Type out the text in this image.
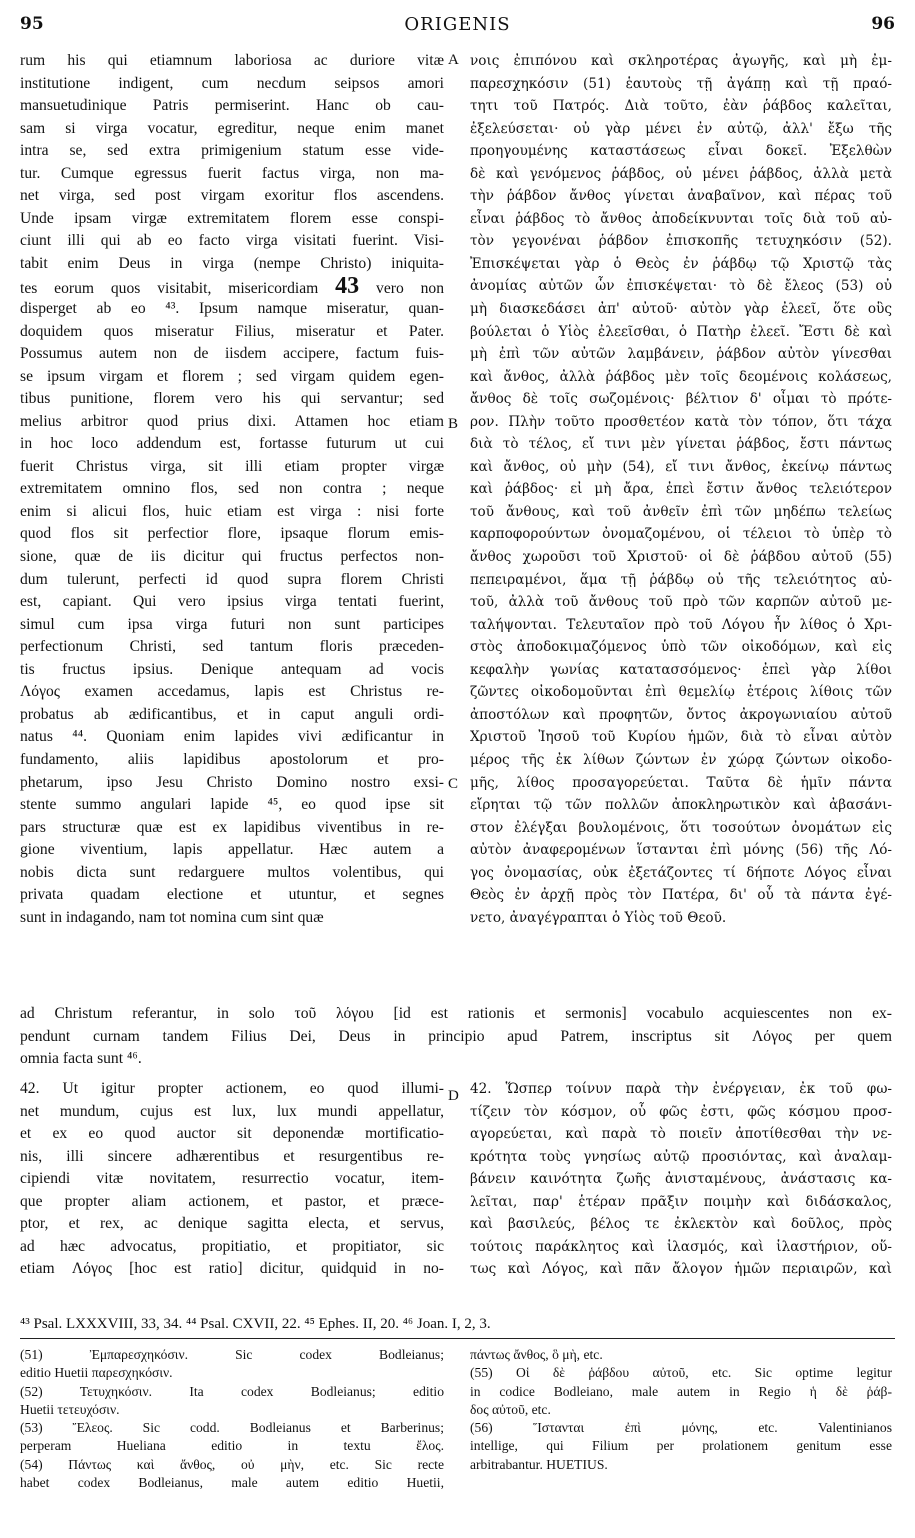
95	ORIGENIS	96
A
B
C
D
rum his qui etiamnum laboriosa ac duriore vitæ
institutione indigent, cum necdum seipsos amori
mansuetudinique Patris permiserint. Hanc ob cau-
sam si virga vocatur, egreditur, neque enim manet
intra se, sed extra primigenium statum esse vide-
tur. Cumque egressus fuerit factus virga, non ma-
net virga, sed post virgam exoritur flos ascendens.
Unde ipsam virgæ extremitatem florem esse conspi-
ciunt illi qui ab eo facto virga visitati fuerint. Visi-
tabit enim Deus in virga (nempe Christo) iniquita-
tes eorum quos visitabit, misericordiam 43 vero non
disperget ab eo ⁴³. Ipsum namque miseratur, quan-
doquidem quos miseratur Filius, miseratur et Pater.
Possumus autem non de iisdem accipere, factum fuis-
se ipsum virgam et florem ; sed virgam quidem egen-
tibus punitione, florem vero his qui servantur; sed
melius arbitror quod prius dixi. Attamen hoc etiam
in hoc loco addendum est, fortasse futurum ut cui
fuerit Christus virga, sit illi etiam propter virgæ
extremitatem omnino flos, sed non contra ; neque
enim si alicui flos, huic etiam est virga : nisi forte
quod flos sit perfectior flore, ipsaque florum emis-
sione, quæ de iis dicitur qui fructus perfectos non-
dum tulerunt, perfecti id quod supra florem Christi
est, capiant. Qui vero ipsius virga tentati fuerint,
simul cum ipsa virga futuri non sunt participes
perfectionum Christi, sed tantum floris præceden-
tis fructus ipsius. Denique antequam ad vocis
Λόγος examen accedamus, lapis est Christus re-
probatus ab ædificantibus, et in caput anguli ordi-
natus ⁴⁴. Quoniam enim lapides vivi ædificantur in
fundamento, aliis lapidibus apostolorum et pro-
phetarum, ipso Jesu Christo Domino nostro exsi-
stente summo angulari lapide ⁴⁵, eo quod ipse sit
pars structuræ quæ est ex lapidibus viventibus in re-
gione viventium, lapis appellatur. Hæc autem a
nobis dicta sunt redarguere multos volentibus, qui
privata quadam electione et utuntur, et segnes
sunt in indagando, nam tot nomina cum sint quæ
νοις ἐπιπόνου καὶ σκληροτέρας ἀγωγῆς, καὶ μὴ ἐμ-
παρεσχηκόσιν (51) ἑαυτοὺς τῇ ἀγάπῃ καὶ τῇ πραό-
τητι τοῦ Πατρός. Διὰ τοῦτο, ἐὰν ῥάβδος καλεῖται,
ἐξελεύσεται· οὐ γὰρ μένει ἐν αὐτῷ, ἀλλ' ἔξω τῆς
προηγουμένης καταστάσεως εἶναι δοκεῖ. Ἐξελθὼν
δὲ καὶ γενόμενος ῥάβδος, οὐ μένει ῥάβδος, ἀλλὰ μετὰ
τὴν ῥάβδον ἄνθος γίνεται ἀναβαῖνον, καὶ πέρας τοῦ
εἶναι ῥάβδος τὸ ἄνθος ἀποδείκνυνται τοῖς διὰ τοῦ αὐ-
τὸν γεγονέναι ῥάβδον ἐπισκοπῆς τετυχηκόσιν (52).
Ἐπισκέψεται γὰρ ὁ Θεὸς ἐν ῥάβδῳ τῷ Χριστῷ τὰς
ἀνομίας αὐτῶν ὧν ἐπισκέψεται· τὸ δὲ ἔλεος (53) οὐ
μὴ διασκεδάσει ἀπ' αὐτοῦ· αὐτὸν γὰρ ἐλεεῖ, ὅτε οὓς
βούλεται ὁ Υἱὸς ἐλεεῖσθαι, ὁ Πατὴρ ἐλεεῖ. Ἔστι δὲ καὶ
μὴ ἐπὶ τῶν αὐτῶν λαμβάνειν, ῥάβδον αὐτὸν γίνεσθαι
καὶ ἄνθος, ἀλλὰ ῥάβδος μὲν τοῖς δεομένοις κολάσεως,
ἄνθος δὲ τοῖς σωζομένοις· βέλτιον δ' οἶμαι τὸ πρότε-
ρον. Πλὴν τοῦτο προσθετέον κατὰ τὸν τόπον, ὅτι τάχα
διὰ τὸ τέλος, εἴ τινι μὲν γίνεται ῥάβδος, ἔστι πάντως
καὶ ἄνθος, οὐ μὴν (54), εἴ τινι ἄνθος, ἐκείνῳ πάντως
καὶ ῥάβδος· εἰ μὴ ἄρα, ἐπεὶ ἔστιν ἄνθος τελειότερον
τοῦ ἄνθους, καὶ τοῦ ἀνθεῖν ἐπὶ τῶν μηδέπω τελείως
καρποφορούντων ὀνομαζομένου, οἱ τέλειοι τὸ ὑπὲρ τὸ
ἄνθος χωροῦσι τοῦ Χριστοῦ· οἱ δὲ ῥάβδου αὐτοῦ (55)
πεπειραμένοι, ἅμα τῇ ῥάβδῳ οὐ τῆς τελειότητος αὐ-
τοῦ, ἀλλὰ τοῦ ἄνθους τοῦ πρὸ τῶν καρπῶν αὐτοῦ με-
ταλήψονται. Τελευταῖον πρὸ τοῦ Λόγου ἦν λίθος ὁ Χρι-
στὸς ἀποδοκιμαζόμενος ὑπὸ τῶν οἰκοδόμων, καὶ εἰς
κεφαλὴν γωνίας κατατασσόμενος· ἐπεὶ γὰρ λίθοι
ζῶντες οἰκοδομοῦνται ἐπὶ θεμελίῳ ἑτέροις λίθοις τῶν
ἀποστόλων καὶ προφητῶν, ὄντος ἀκρογωνιαίου αὐτοῦ
Χριστοῦ Ἰησοῦ τοῦ Κυρίου ἡμῶν, διὰ τὸ εἶναι αὐτὸν
μέρος τῆς ἐκ λίθων ζώντων ἐν χώρᾳ ζώντων οἰκοδο-
μῆς, λίθος προσαγορεύεται. Ταῦτα δὲ ἡμῖν πάντα
εἴρηται τῷ τῶν πολλῶν ἀποκληρωτικὸν καὶ ἀβασάνι-
στον ἐλέγξαι βουλομένοις, ὅτι τοσούτων ὀνομάτων εἰς
αὐτὸν ἀναφερομένων ἵστανται ἐπὶ μόνης (56) τῆς Λό-
γος ὀνομασίας, οὐκ ἐξετάζοντες τί δήποτε Λόγος εἶναι
Θεὸς ἐν ἀρχῇ πρὸς τὸν Πατέρα, δι' οὗ τὰ πάντα ἐγέ-
νετο, ἀναγέγραπται ὁ Υἱὸς τοῦ Θεοῦ.
ad Christum referantur, in solo τοῦ λόγου [id est rationis et sermonis] vocabulo acquiescentes non ex-
pendunt curnam tandem Filius Dei, Deus in principio apud Patrem, inscriptus sit Λόγος per quem
omnia facta sunt ⁴⁶.
42. Ut igitur propter actionem, eo quod illumi-
net mundum, cujus est lux, lux mundi appellatur,
et ex eo quod auctor sit deponendæ mortificatio-
nis, illi sincere adhærentibus et resurgentibus re-
cipiendi vitæ novitatem, resurrectio vocatur, item-
que propter aliam actionem, et pastor, et præce-
ptor, et rex, ac denique sagitta electa, et servus,
ad hæc advocatus, propitiatio, et propitiator, sic
etiam Λόγος [hoc est ratio] dicitur, quidquid in no-
42. Ὥσπερ τοίνυν παρὰ τὴν ἐνέργειαν, ἐκ τοῦ φω-
τίζειν τὸν κόσμον, οὗ φῶς ἐστι, φῶς κόσμου προσ-
αγορεύεται, καὶ παρὰ τὸ ποιεῖν ἀποτίθεσθαι τὴν νε-
κρότητα τοὺς γνησίως αὐτῷ προσιόντας, καὶ ἀναλαμ-
βάνειν καινότητα ζωῆς ἀνισταμένους, ἀνάστασις κα-
λεῖται, παρ' ἑτέραν πρᾶξιν ποιμὴν καὶ διδάσκαλος,
καὶ βασιλεύς, βέλος τε ἐκλεκτὸν καὶ δοῦλος, πρὸς
τούτοις παράκλητος καὶ ἱλασμός, καὶ ἱλαστήριον, οὕ-
τως καὶ Λόγος, καὶ πᾶν ἄλογον ἡμῶν περιαιρῶν, καὶ
⁴³ Psal. LXXXVIII, 33, 34. ⁴⁴ Psal. CXVII, 22. ⁴⁵ Ephes. II, 20. ⁴⁶ Joan. I, 2, 3.
(51) Ἐμπαρεσχηκόσιν. Sic codex Bodleianus;
editio Huetii παρεσχηκόσιν.
(52) Τετυχηκόσιν. Ita codex Bodleianus; editio
Huetii τετευχόσιν.
(53) Ἔλεος. Sic codd. Bodleianus et Barberinus;
perperam Hueliana editio in textu ἔλος.
(54) Πάντως καὶ ἄνθος, οὐ μὴν, etc. Sic recte
habet codex Bodleianus, male autem editio Huetii,
πάντως ἄνθος, ὃ μὴ, etc.
(55) Οἱ δὲ ῥάβδου αὐτοῦ, etc. Sic optime legitur
in codice Bodleiano, male autem in Regio ἡ δὲ ῥάβ-
δος αὐτοῦ, etc.
(56) Ἵστανται ἐπὶ μόνης, etc. Valentinianos
intellige, qui Filium per prolationem genitum esse
arbitrabantur. HUETIUS.
